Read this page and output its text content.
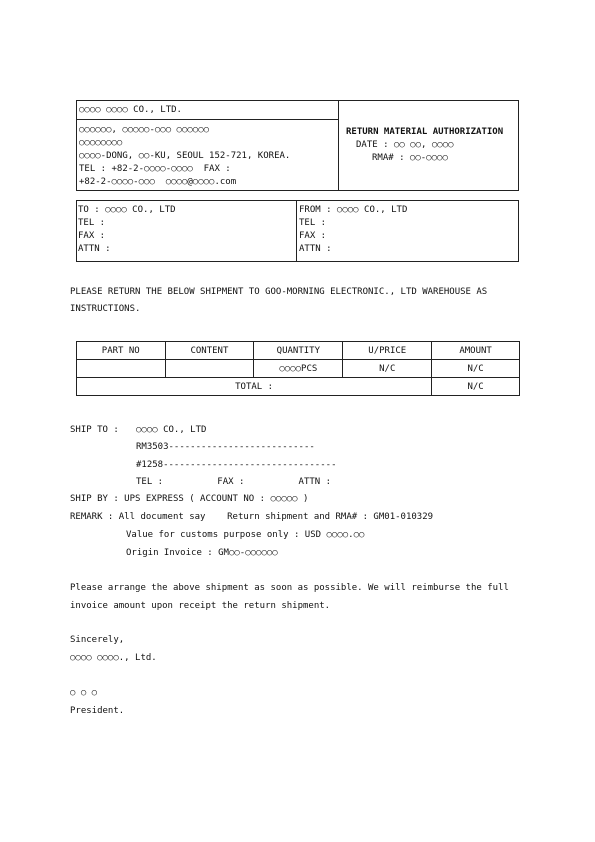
○○○○ ○○○○ CO., LTD.
○○○○○○, ○○○○○-○○○ ○○○○○○
○○○○○○○○
○○○○-DONG, ○○-KU, SEOUL 152-721, KOREA.
TEL : +82-2-○○○○-○○○○  FAX :
+82-2-○○○○-○○○  ○○○○@○○○○.com
RETURN MATERIAL AUTHORIZATION
DATE : ○○ ○○, ○○○○
RMA# : ○○-○○○○
TO : ○○○○ CO., LTD
TEL :
FAX :
ATTN :
FROM : ○○○○ CO., LTD
TEL :
FAX :
ATTN :
PLEASE RETURN THE BELOW SHIPMENT TO GOO-MORNING ELECTRONIC., LTD WAREHOUSE AS
INSTRUCTIONS.
PART NO	CONTENT	QUANTITY	U/PRICE	AMOUNT
		○○○○PCS	N/C	N/C
TOTAL :				N/C
SHIP TO : ○○○○ CO., LTD
RM3503---------------------------
#1258--------------------------------
TEL :          FAX :          ATTN :
SHIP BY : UPS EXPRESS ( ACCOUNT NO : ○○○○○ )
REMARK : All document say    Return shipment and RMA# : GM01-010329
Value for customs purpose only : USD ○○○○.○○
Origin Invoice : GM○○-○○○○○○
Please arrange the above shipment as soon as possible. We will reimburse the full
invoice amount upon receipt the return shipment.
Sincerely,
○○○○ ○○○○., Ltd.
○ ○ ○
President.
